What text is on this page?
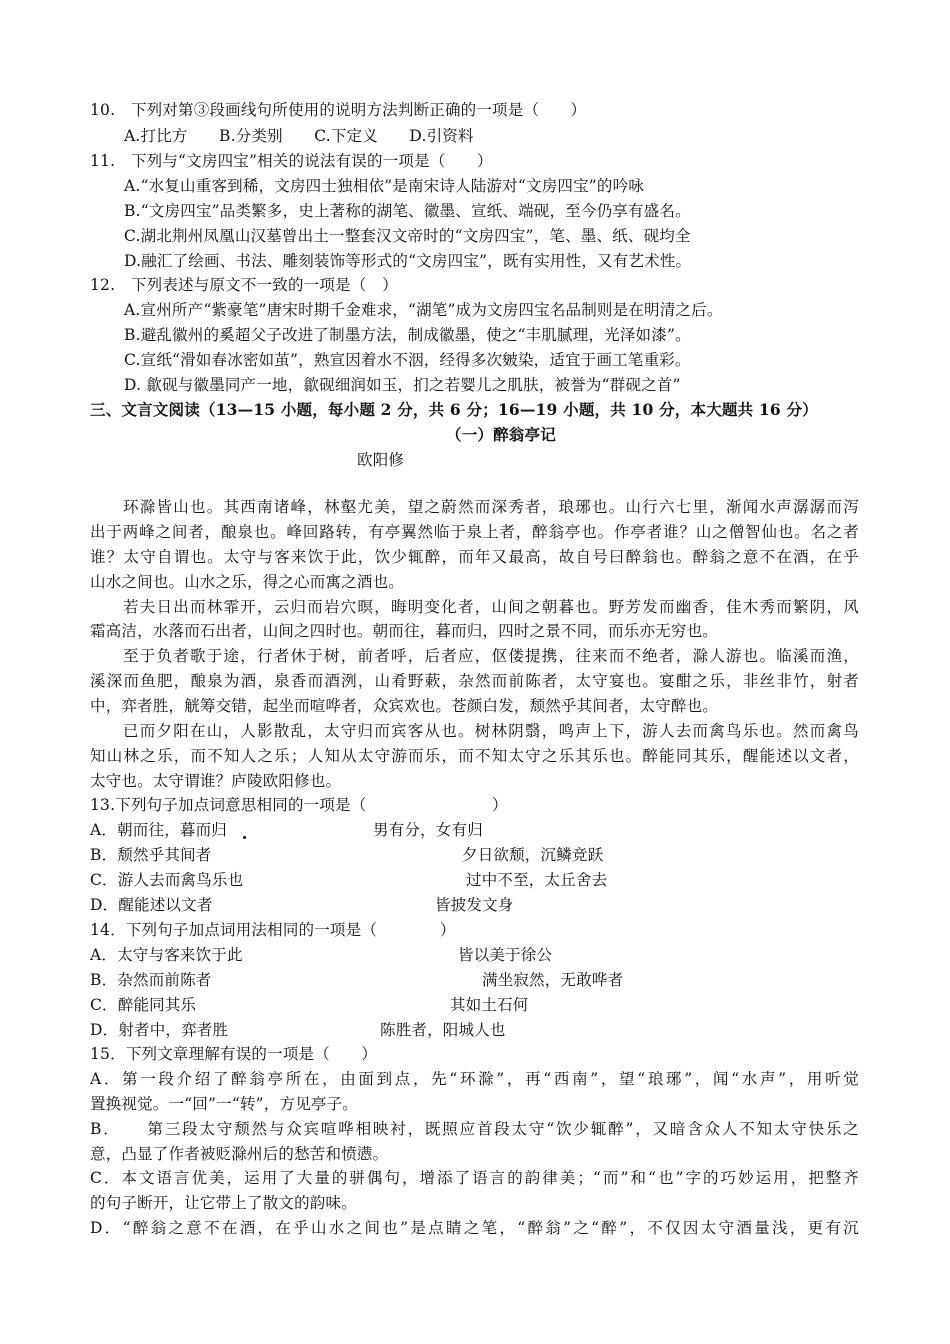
10.　下列对第③段画线句所使用的说明方法判断正确的一项是（　　）
A.打比方　　B.分类别　　C.下定义　　D.引资料
11.　下列与“文房四宝”相关的说法有误的一项是（　　）
A.“水复山重客到稀，文房四士独相依”是南宋诗人陆游对“文房四宝”的吟咏
B.“文房四宝”品类繁多，史上著称的湖笔、徽墨、宣纸、端砚，至今仍享有盛名。
C.湖北荆州凤凰山汉墓曾出土一整套汉文帝时的“文房四宝”，笔、墨、纸、砚均全
D.融汇了绘画、书法、雕刻装饰等形式的“文房四宝”，既有实用性，又有艺术性。
12.　下列表述与原文不一致的一项是（　）
A.宣州所产“紫豪笔”唐宋时期千金难求，“湖笔”成为文房四宝名品制则是在明清之后。
B.避乱徽州的奚超父子改进了制墨方法，制成徽墨，使之“丰肌腻理，光泽如漆”。
C.宣纸“滑如春冰密如茧”，熟宣因着水不洇，经得多次皴染，适宜于画工笔重彩。
D. 歙砚与徽墨同产一地，歙砚细润如玉，扪之若婴儿之肌肤，被誉为“群砚之首”
三、文言文阅读（13—15 小题，每小题 2 分，共 6 分；16—19 小题，共 10 分，本大题共 16 分）
（一）醉翁亭记
欧阳修
环滁皆山也。其西南诸峰，林壑尤美，望之蔚然而深秀者，琅琊也。山行六七里，渐闻水声潺潺而泻
出于两峰之间者，酿泉也。峰回路转，有亭翼然临于泉上者，醉翁亭也。作亭者谁？山之僧智仙也。名之者
谁？太守自谓也。太守与客来饮于此，饮少辄醉，而年又最高，故自号曰醉翁也。醉翁之意不在酒，在乎
山水之间也。山水之乐，得之心而寓之酒也。
若夫日出而林霏开，云归而岩穴暝，晦明变化者，山间之朝暮也。野芳发而幽香，佳木秀而繁阴，风
霜高洁，水落而石出者，山间之四时也。朝而往，暮而归，四时之景不同，而乐亦无穷也。
至于负者歌于途，行者休于树，前者呼，后者应，伛偻提携，往来而不绝者，滁人游也。临溪而渔，
溪深而鱼肥，酿泉为酒，泉香而酒洌，山肴野蔌，杂然而前陈者，太守宴也。宴酣之乐，非丝非竹，射者
中，弈者胜，觥筹交错，起坐而喧哗者，众宾欢也。苍颜白发，颓然乎其间者，太守醉也。
已而夕阳在山，人影散乱，太守归而宾客从也。树林阴翳，鸣声上下，游人去而禽鸟乐也。然而禽鸟
知山林之乐，而不知人之乐；人知从太守游而乐，而不知太守之乐其乐也。醉能同其乐，醒能述以文者，
太守也。太守谓谁？庐陵欧阳修也。
13.下列句子加点词意思相同的一项是（　　　　　　　　）
A．朝而往，暮而归	男有分，女有归
B．颓然乎其间者	夕日欲颓，沉鳞竞跃
C．游人去而禽鸟乐也	过中不至，太丘舍去
D．醒能述以文者	皆披发文身
14．下列句子加点词用法相同的一项是（　　　　）
A．太守与客来饮于此	皆以美于徐公
B．杂然而前陈者	满坐寂然，无敢哗者
C．醉能同其乐	其如土石何
D．射者中，弈者胜	陈胜者，阳城人也
15．下列文章理解有误的一项是（　　）
A．第一段介绍了醉翁亭所在，由面到点，先“环滁”，再“西南”，望“琅琊”，闻“水声”，用听觉
置换视觉。一“回”一“转”，方见亭子。
B．　　第三段太守颓然与众宾喧哗相映衬，既照应首段太守“饮少辄醉”，又暗含众人不知太守快乐之
意，凸显了作者被贬滁州后的愁苦和愤懑。
C．本文语言优美，运用了大量的骈偶句，增添了语言的韵律美；“而”和“也”字的巧妙运用，把整齐
的句子断开，让它带上了散文的韵味。
D．“醉翁之意不在酒，在乎山水之间也”是点睛之笔，“醉翁”之“醉”，不仅因太守酒量浅，更有沉
